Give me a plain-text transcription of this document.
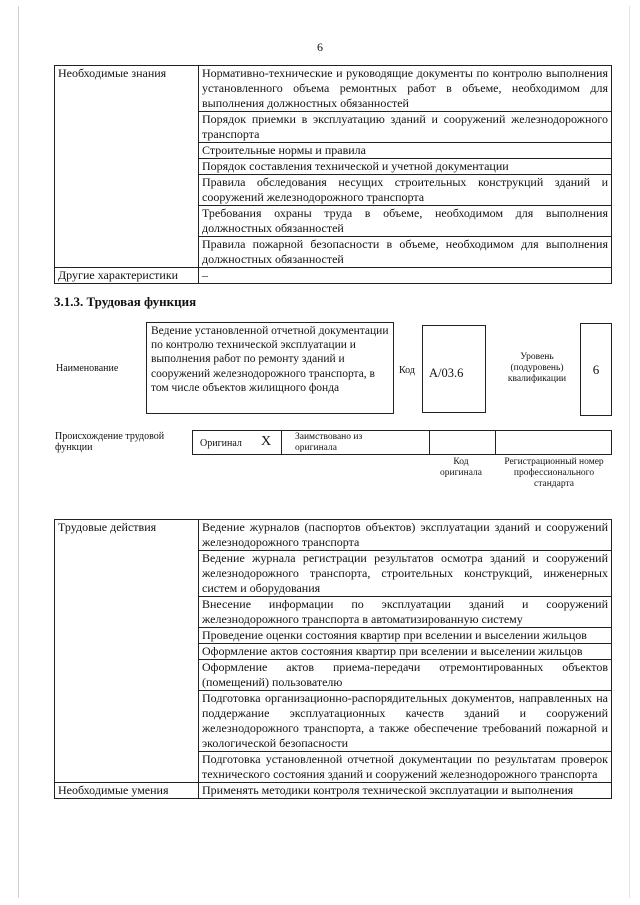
6
Необходимые знания	Нормативно-технические и руководящие документы по контролю выполнения установленного объема ремонтных работ в объеме, необходимом для выполнения должностных обязанностей
	Порядок приемки в эксплуатацию зданий и сооружений железнодорожного транспорта
	Строительные нормы и правила
	Порядок составления технической и учетной документации
	Правила обследования несущих строительных конструкций зданий и сооружений железнодорожного транспорта
	Требования охраны труда в объеме, необходимом для выполнения должностных обязанностей
	Правила пожарной безопасности в объеме, необходимом для выполнения должностных обязанностей
Другие характеристики	–
3.1.3. Трудовая функция
Наименование
Ведение установленной отчетной документации по контролю технической эксплуатации и выполнения работ по ремонту зданий и сооружений железнодорожного транспорта, в том числе объектов жилищного фонда
Код	А/03.6
Уровень (подуровень) квалификации
6
Происхождение трудовой функции	Оригинал X	Заимствовано из оригинала
Код оригинала
Регистрационный номер профессионального стандарта
Трудовые действия	Ведение журналов (паспортов объектов) эксплуатации зданий и сооружений железнодорожного транспорта
	Ведение журнала регистрации результатов осмотра зданий и сооружений железнодорожного транспорта, строительных конструкций, инженерных систем и оборудования
	Внесение информации по эксплуатации зданий и сооружений железнодорожного транспорта в автоматизированную систему
	Проведение оценки состояния квартир при вселении и выселении жильцов
	Оформление актов состояния квартир при вселении и выселении жильцов
	Оформление актов приема-передачи отремонтированных объектов (помещений) пользователю
	Подготовка организационно-распорядительных документов, направленных на поддержание эксплуатационных качеств зданий и сооружений железнодорожного транспорта, а также обеспечение требований пожарной и экологической безопасности
	Подготовка установленной отчетной документации по результатам проверок технического состояния зданий и сооружений железнодорожного транспорта
Необходимые умения	Применять методики контроля технической эксплуатации и выполнения
